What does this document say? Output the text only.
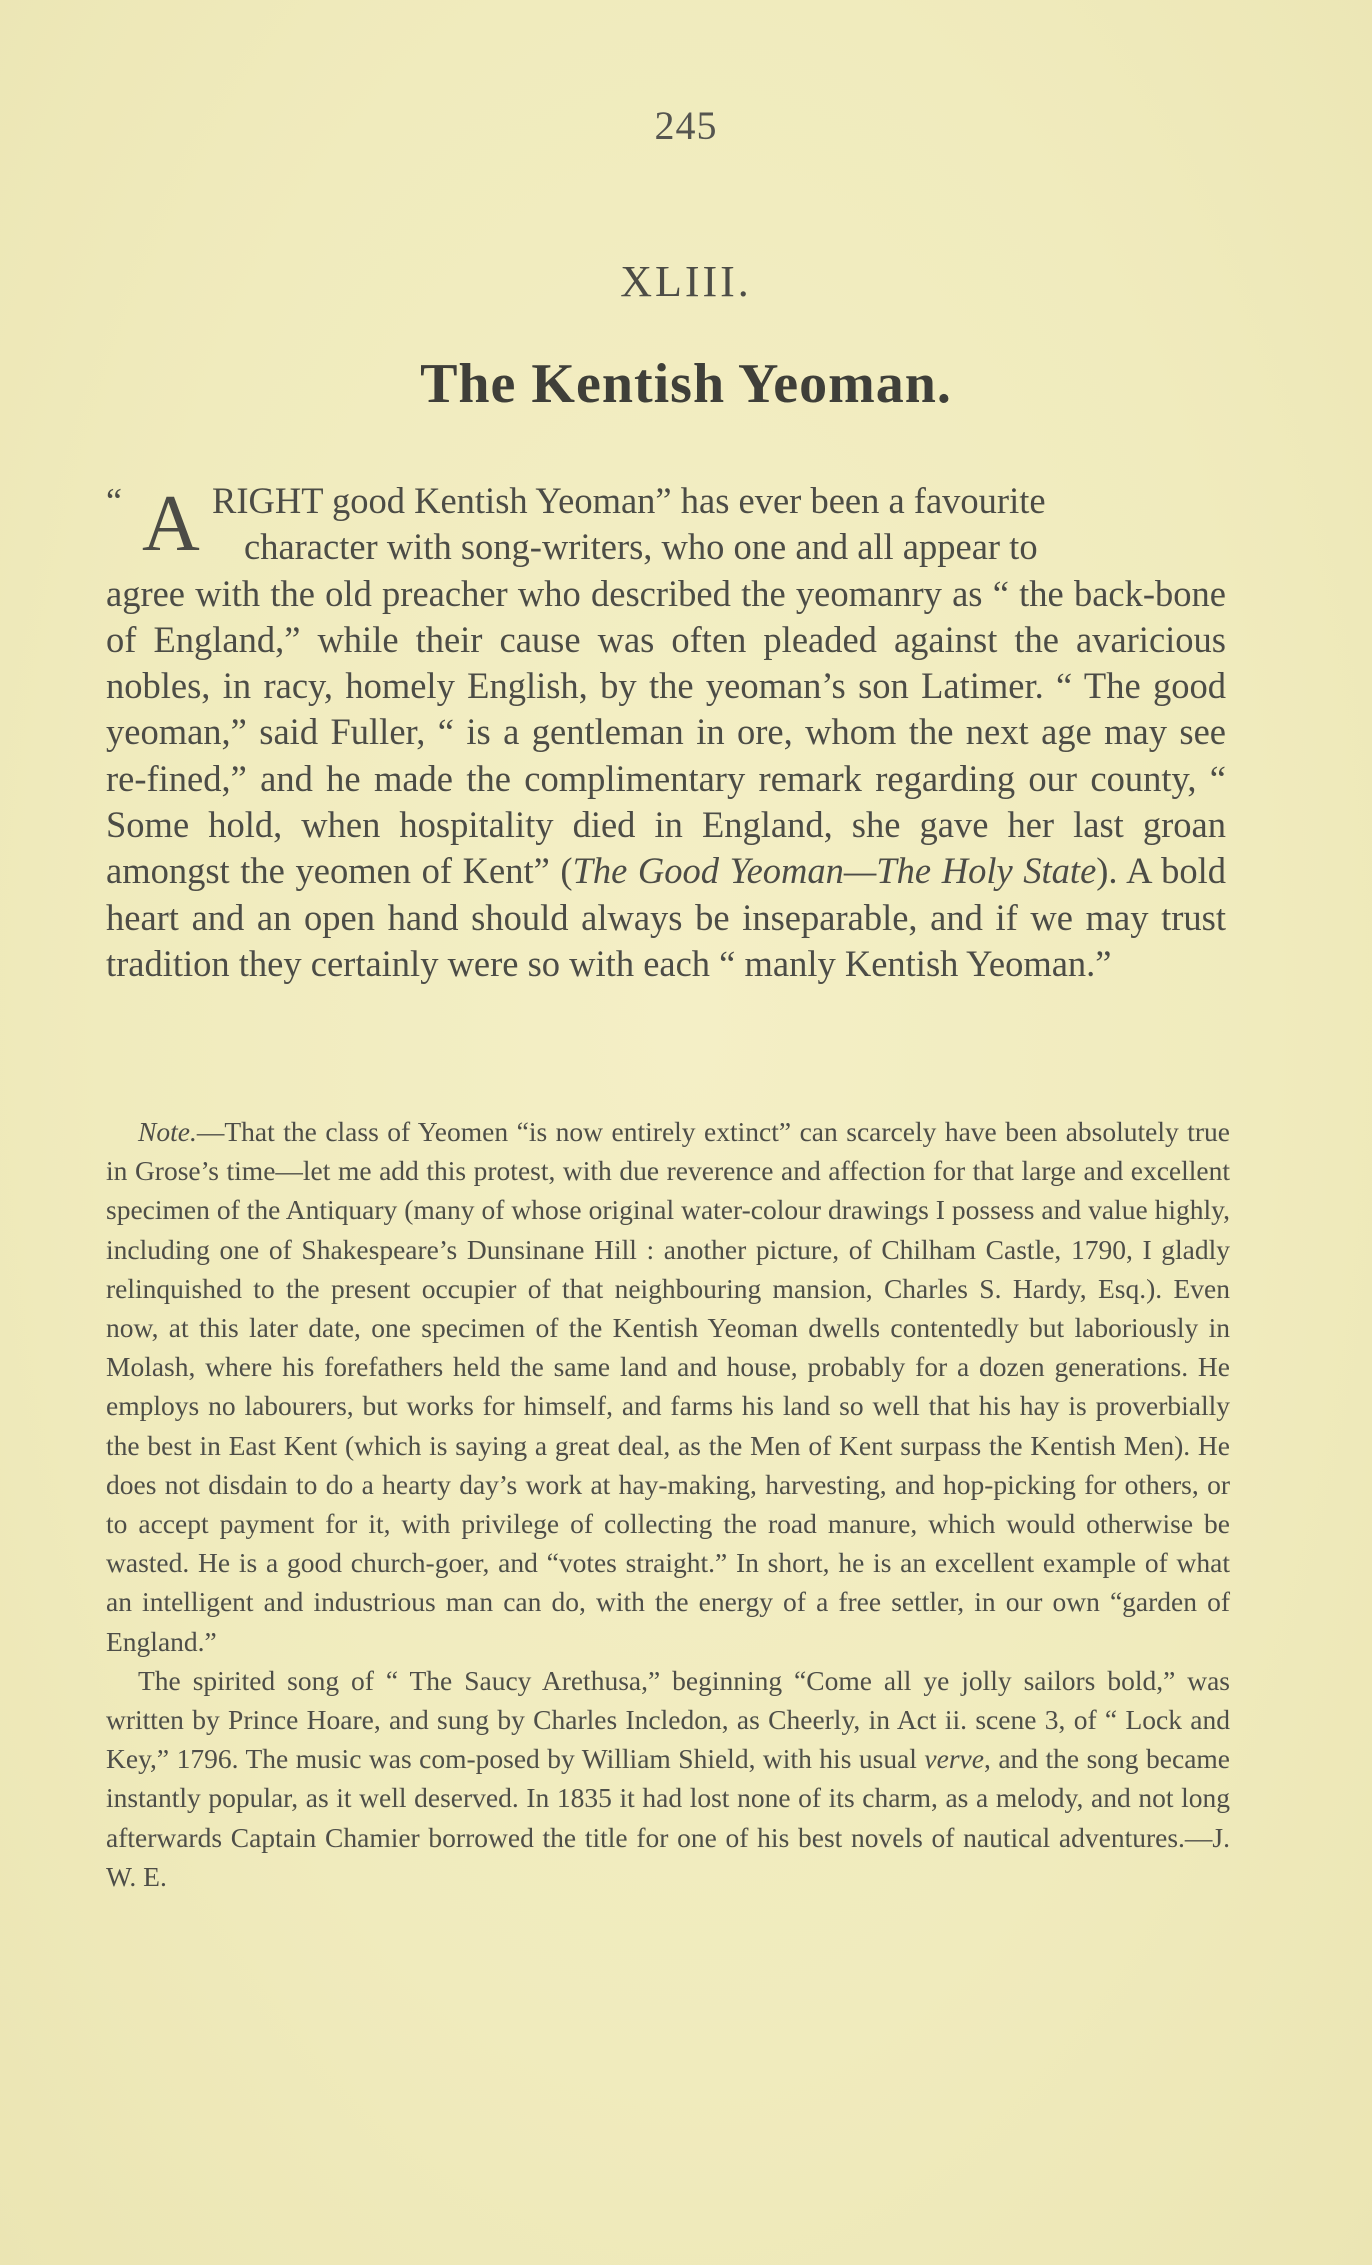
245
XLIII.
The Kentish Yeoman.
“ A RIGHT good Kentish Yeoman” has ever been a favourite
character with song-writers, who one and all appear to
agree with the old preacher who described the yeomanry as “ the back-bone of England,” while their cause was often pleaded against the avaricious nobles, in racy, homely English, by the yeoman’s son Latimer. “ The good yeoman,” said Fuller, “ is a gentleman in ore, whom the next age may see re-fined,” and he made the complimentary remark regarding our county, “ Some hold, when hospitality died in England, she gave her last groan amongst the yeomen of Kent” (The Good Yeoman—The Holy State). A bold heart and an open hand should always be inseparable, and if we may trust tradition they certainly were so with each “ manly Kentish Yeoman.”

Note.—That the class of Yeomen “is now entirely extinct” can scarcely have been absolutely true in Grose’s time—let me add this protest, with due reverence and affection for that large and excellent specimen of the Antiquary (many of whose original water-colour drawings I possess and value highly, including one of Shakespeare’s Dunsinane Hill : another picture, of Chilham Castle, 1790, I gladly relinquished to the present occupier of that neighbouring mansion, Charles S. Hardy, Esq.). Even now, at this later date, one specimen of the Kentish Yeoman dwells contentedly but laboriously in Molash, where his forefathers held the same land and house, probably for a dozen generations. He employs no labourers, but works for himself, and farms his land so well that his hay is proverbially the best in East Kent (which is saying a great deal, as the Men of Kent surpass the Kentish Men). He does not disdain to do a hearty day’s work at hay-making, harvesting, and hop-picking for others, or to accept payment for it, with privilege of collecting the road manure, which would otherwise be wasted. He is a good church-goer, and “votes straight.” In short, he is an excellent example of what an intelligent and industrious man can do, with the energy of a free settler, in our own “garden of England.”

The spirited song of “ The Saucy Arethusa,” beginning “Come all ye jolly sailors bold,” was written by Prince Hoare, and sung by Charles Incledon, as Cheerly, in Act ii. scene 3, of “ Lock and Key,” 1796. The music was com-posed by William Shield, with his usual verve, and the song became instantly popular, as it well deserved. In 1835 it had lost none of its charm, as a melody, and not long afterwards Captain Chamier borrowed the title for one of his best novels of nautical adventures.—J. W. E.
